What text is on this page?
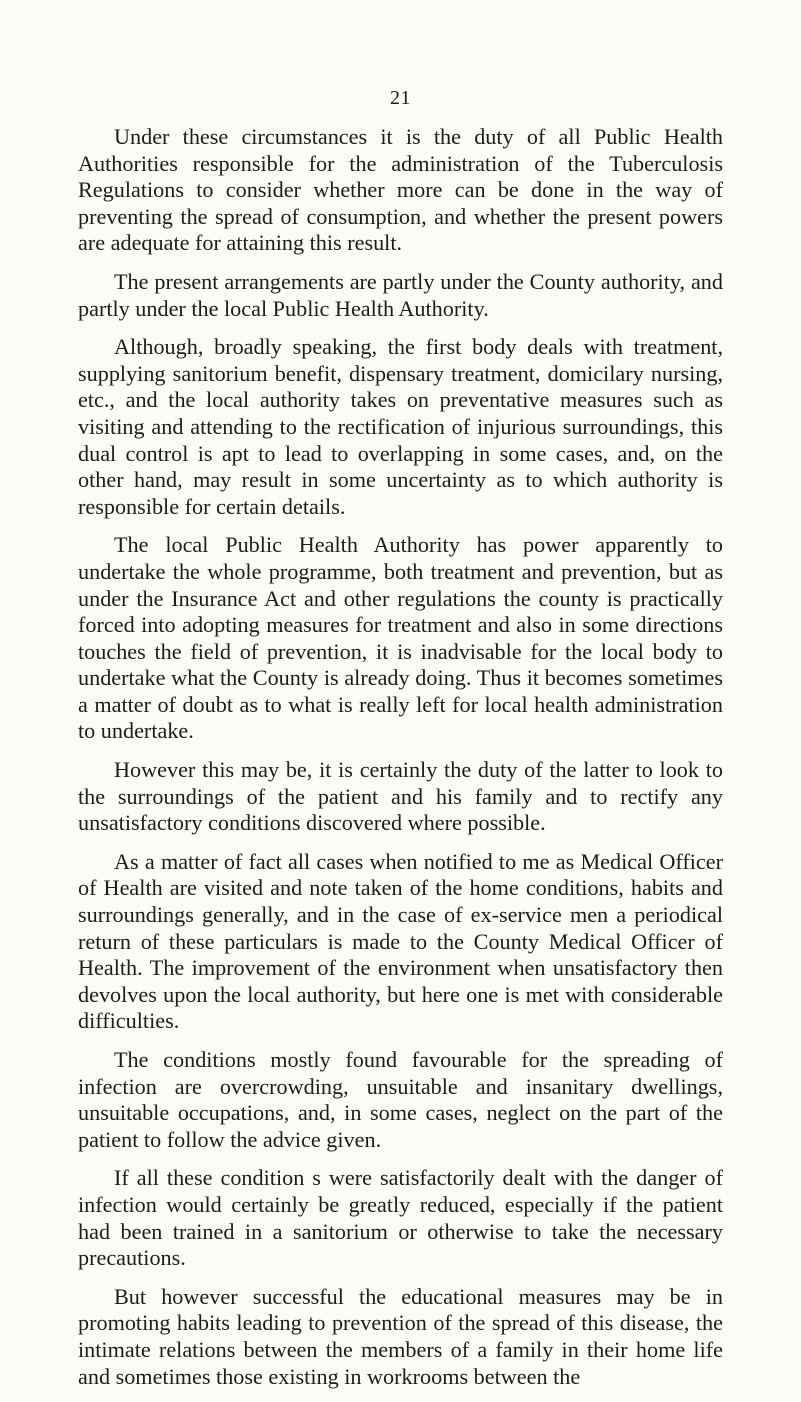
21

Under these circumstances it is the duty of all Public Health Authorities responsible for the administration of the Tuberculosis Regulations to consider whether more can be done in the way of preventing the spread of consumption, and whether the present powers are adequate for attaining this result.

The present arrangements are partly under the County authority, and partly under the local Public Health Authority.

Although, broadly speaking, the first body deals with treatment, supplying sanitorium benefit, dispensary treatment, domicilary nursing, etc., and the local authority takes on preventative measures such as visiting and attending to the rectification of injurious surroundings, this dual control is apt to lead to overlapping in some cases, and, on the other hand, may result in some uncertainty as to which authority is responsible for certain details.

The local Public Health Authority has power apparently to undertake the whole programme, both treatment and prevention, but as under the Insurance Act and other regulations the county is practically forced into adopting measures for treatment and also in some directions touches the field of prevention, it is inadvisable for the local body to undertake what the County is already doing. Thus it becomes sometimes a matter of doubt as to what is really left for local health administration to undertake.

However this may be, it is certainly the duty of the latter to look to the surroundings of the patient and his family and to rectify any unsatisfactory conditions discovered where possible.

As a matter of fact all cases when notified to me as Medical Officer of Health are visited and note taken of the home conditions, habits and surroundings generally, and in the case of ex-service men a periodical return of these particulars is made to the County Medical Officer of Health. The improvement of the environment when unsatisfactory then devolves upon the local authority, but here one is met with considerable difficulties.

The conditions mostly found favourable for the spreading of infection are overcrowding, unsuitable and insanitary dwellings, unsuitable occupations, and, in some cases, neglect on the part of the patient to follow the advice given.

If all these condition s were satisfactorily dealt with the danger of infection would certainly be greatly reduced, especially if the patient had been trained in a sanitorium or otherwise to take the necessary precautions.

But however successful the educational measures may be in promoting habits leading to prevention of the spread of this disease, the intimate relations between the members of a family in their home life and sometimes those existing in workrooms between the
